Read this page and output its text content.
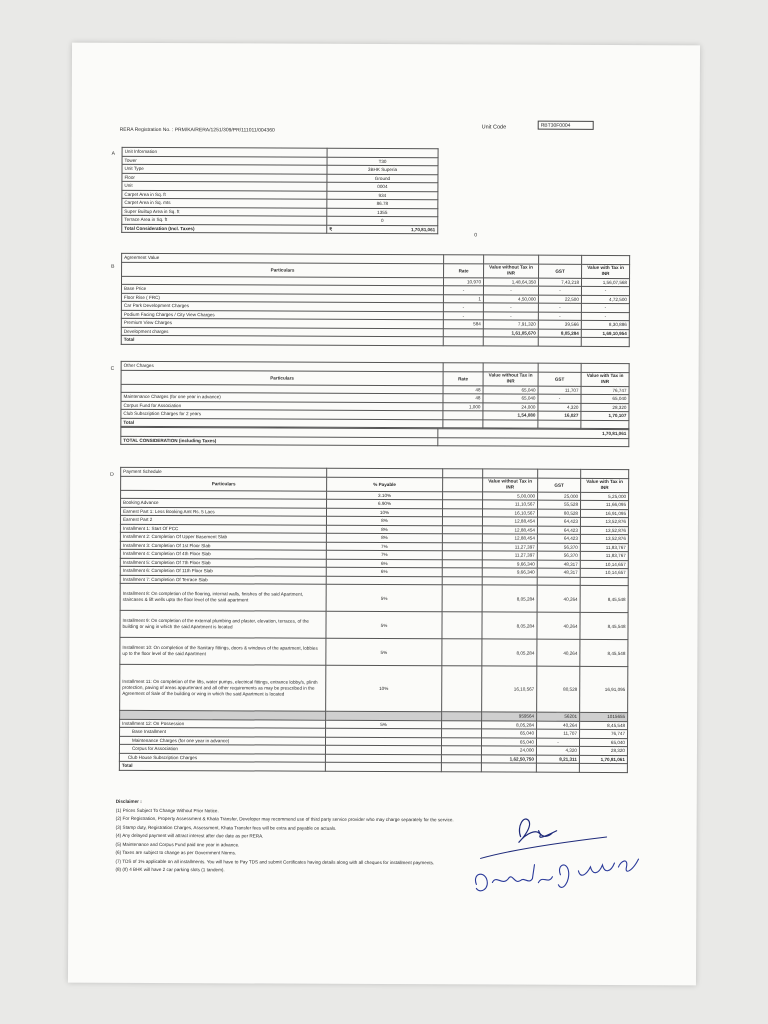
RERA Registration No. : PRM/KA/RERA/1251/309/PR/111011/004360	Unit Code	RBT30F0004
A Unit Information	
Tower	T30
Unit Type	3BHK Superia
Floor	Ground
Unit	0004
Carpet Area in Sq. ft	934
Carpet Area in Sq. mts	86.78
Super Builtup Area in Sq. ft	1355
Terrace Area in Sq. ft	0
Total Consideration (Incl. Taxes)	₹ 1,70,81,061
0
B
Agreement Value				
Particulars	Rate	Value without Tax in INR	GST	Value with Tax in INR
	10,970	1,48,64,350	7,43,218	1,56,07,568
Base Price	-	-	-	-
Floor Rise ( FRC)	1	4,50,000	22,500	4,72,500
Car Park Development Charges	-	-	-	-
Podium Facing Charges / City View Charges	-	-	-	-
Premium View Charges	584	7,91,320	39,566	8,30,886
Development charges		1,61,05,670	8,05,284	1,69,10,954
Total				
C
Other Charges				
Particulars	Rate	Value without Tax in INR	GST	Value with Tax in INR
	48	65,040	11,707	76,747
Maintenance Charges (for one year in advance)	48	65,040	-	65,040
Corpus Fund for Association	1,000	24,000	4,320	28,320
Club Subscription Charges for 2 years		1,54,080	16,027	1,70,107
Total				
	1,70,81,061
TOTAL CONSIDERATION (including Taxes)	
D
Payment Schedule					
Particulars	% Payable		Value without Tax in INR	GST	Value with Tax in INR
	3.10%		5,00,000	25,000	5,25,000
Booking Advance	6.90%		11,10,567	55,528	11,66,095
Earnest Part 1: Less Booking Amt Rs. 5 Lacs	10%		16,10,567	80,528	16,91,095
Earnest Part 2	8%		12,88,454	64,423	13,52,876
Installment 1: Start Of PCC	8%		12,88,454	64,423	13,52,876
Installment 2: Completion Of Upper Basement Slab	8%		12,88,454	64,423	13,52,876
Installment 3: Completion Of 1st Floor Slab	7%		11,27,397	56,370	11,83,767
Installment 4: Completion Of 4th Floor Slab	7%		11,27,397	56,370	11,83,767
Installment 5: Completion Of 7th Floor Slab	6%		9,66,340	48,317	10,14,657
Installment 6: Completion Of 11th Floor Slab	6%		9,66,340	48,317	10,14,657
Installment 7: Completion Of Terrace Slab					
Installment 8: On completion of the flooring, internal walls, finishes of the said Apartment, staircases & lift wells upto the floor level of the said apartment	5%		8,05,284	40,264	8,45,548
Installment 9: On completion of the external plumbing and plaster, elevation, terraces, of the building or wing in which the said Apartment is located	5%		8,05,284	40,264	8,45,548
Installment 10: On completion of the Sanitary fittings, doors & windows of the apartment, lobbies up to the floor level of the said Apartment	5%		8,05,284	40,264	8,45,548
Installment 11: On completion of the lifts, water pumps, electrical fittings, entrance lobby/s, plinth protection, paving of areas appurtenant and all other requirements as may be prescribed in the Agreement of Sale of the building or wing in which the said Apartment is located	10%		16,10,567	80,528	16,91,095
			959564	56201	1015655
Installment 12: On Possession	5%		8,05,284	40,264	8,45,548
Base Installment			65,040	11,707	76,747
Maintenance Charges (for one year in advance)			65,040	-	65,040
Corpus for Association			24,000	4,320	28,320
Club House Subscription Charges			1,62,50,750	8,21,311	1,70,81,061
Total					
Disclaimer :
(1) Prices Subject To Change Without Prior Notice.
(2) For Registration, Property Assessment & Khata Transfer, Developer may recommend use of third party service provider who may charge separately for the service.
(3) Stamp duty, Registration Charges, Assessment, Khata Transfer fees will be extra and payable on actuals.
(4) Any delayed payment will attract interest after due date as per RERA.
(5) Maintenance and Corpus Fund paid one year in advance.
(6) Taxes are subject to change as per Government Norms.
(7) TDS of 1% applicable on all installments. You will have to Pay TDS and submit Certificates having details along with all cheques for installment payments.
(8) (If) 4 BHK will have 2 car parking slots (1 tandem).
